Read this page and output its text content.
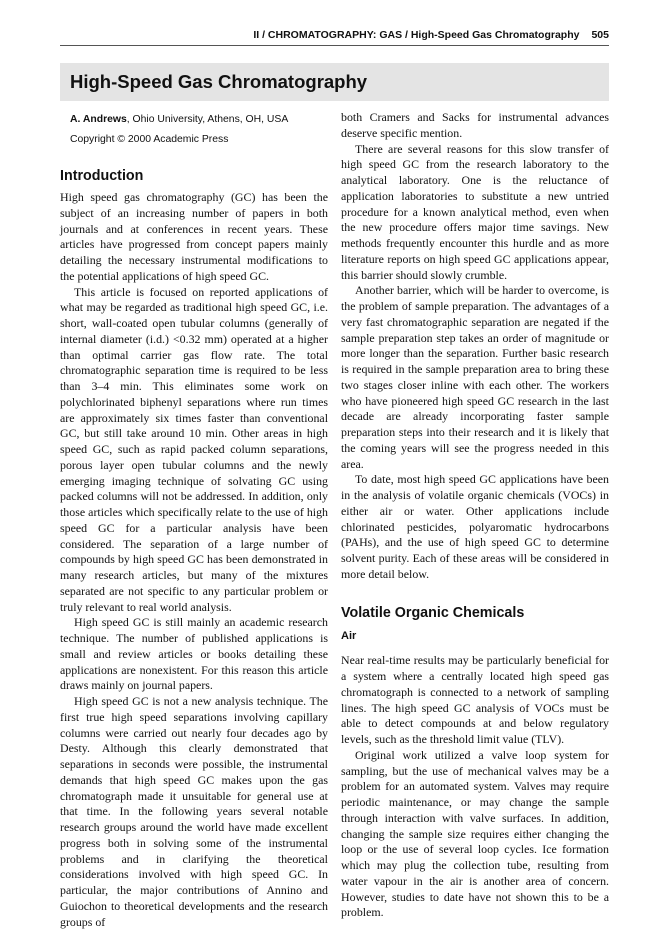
II / CHROMATOGRAPHY: GAS / High-Speed Gas Chromatography 505
High-Speed Gas Chromatography

A. Andrews, Ohio University, Athens, OH, USA

Copyright © 2000 Academic Press

Introduction

High speed gas chromatography (GC) has been the subject of an increasing number of papers in both journals and at conferences in recent years. These articles have progressed from concept papers mainly detailing the necessary instrumental modifications to the potential applications of high speed GC.

This article is focused on reported applications of what may be regarded as traditional high speed GC, i.e. short, wall-coated open tubular columns (generally of internal diameter (i.d.) <0.32 mm) operated at a higher than optimal carrier gas flow rate. The total chromatographic separation time is required to be less than 3–4 min. This eliminates some work on polychlorinated biphenyl separations where run times are approximately six times faster than conventional GC, but still take around 10 min. Other areas in high speed GC, such as rapid packed column separations, porous layer open tubular columns and the newly emerging imaging technique of solvating GC using packed columns will not be addressed. In addition, only those articles which specifically relate to the use of high speed GC for a particular analysis have been considered. The separation of a large number of compounds by high speed GC has been demonstrated in many research articles, but many of the mixtures separated are not specific to any particular problem or truly relevant to real world analysis.

High speed GC is still mainly an academic research technique. The number of published applications is small and review articles or books detailing these applications are nonexistent. For this reason this article draws mainly on journal papers.

High speed GC is not a new analysis technique. The first true high speed separations involving capillary columns were carried out nearly four decades ago by Desty. Although this clearly demonstrated that separations in seconds were possible, the instrumental demands that high speed GC makes upon the gas chromatograph made it unsuitable for general use at that time. In the following years several notable research groups around the world have made excellent progress both in solving some of the instrumental problems and in clarifying the theoretical considerations involved with high speed GC. In particular, the major contributions of Annino and Guiochon to theoretical developments and the research groups of

both Cramers and Sacks for instrumental advances deserve specific mention.

There are several reasons for this slow transfer of high speed GC from the research laboratory to the analytical laboratory. One is the reluctance of application laboratories to substitute a new untried procedure for a known analytical method, even when the new procedure offers major time savings. New methods frequently encounter this hurdle and as more literature reports on high speed GC applications appear, this barrier should slowly crumble.

Another barrier, which will be harder to overcome, is the problem of sample preparation. The advantages of a very fast chromatographic separation are negated if the sample preparation step takes an order of magnitude or more longer than the separation. Further basic research is required in the sample preparation area to bring these two stages closer inline with each other. The workers who have pioneered high speed GC research in the last decade are already incorporating faster sample preparation steps into their research and it is likely that the coming years will see the progress needed in this area.

To date, most high speed GC applications have been in the analysis of volatile organic chemicals (VOCs) in either air or water. Other applications include chlorinated pesticides, polyaromatic hydrocarbons (PAHs), and the use of high speed GC to determine solvent purity. Each of these areas will be considered in more detail below.

Volatile Organic Chemicals
Air

Near real-time results may be particularly beneficial for a system where a centrally located high speed gas chromatograph is connected to a network of sampling lines. The high speed GC analysis of VOCs must be able to detect compounds at and below regulatory levels, such as the threshold limit value (TLV).

Original work utilized a valve loop system for sampling, but the use of mechanical valves may be a problem for an automated system. Valves may require periodic maintenance, or may change the sample through interaction with valve surfaces. In addition, changing the sample size requires either changing the loop or the use of several loop cycles. Ice formation which may plug the collection tube, resulting from water vapour in the air is another area of concern. However, studies to date have not shown this to be a problem.
